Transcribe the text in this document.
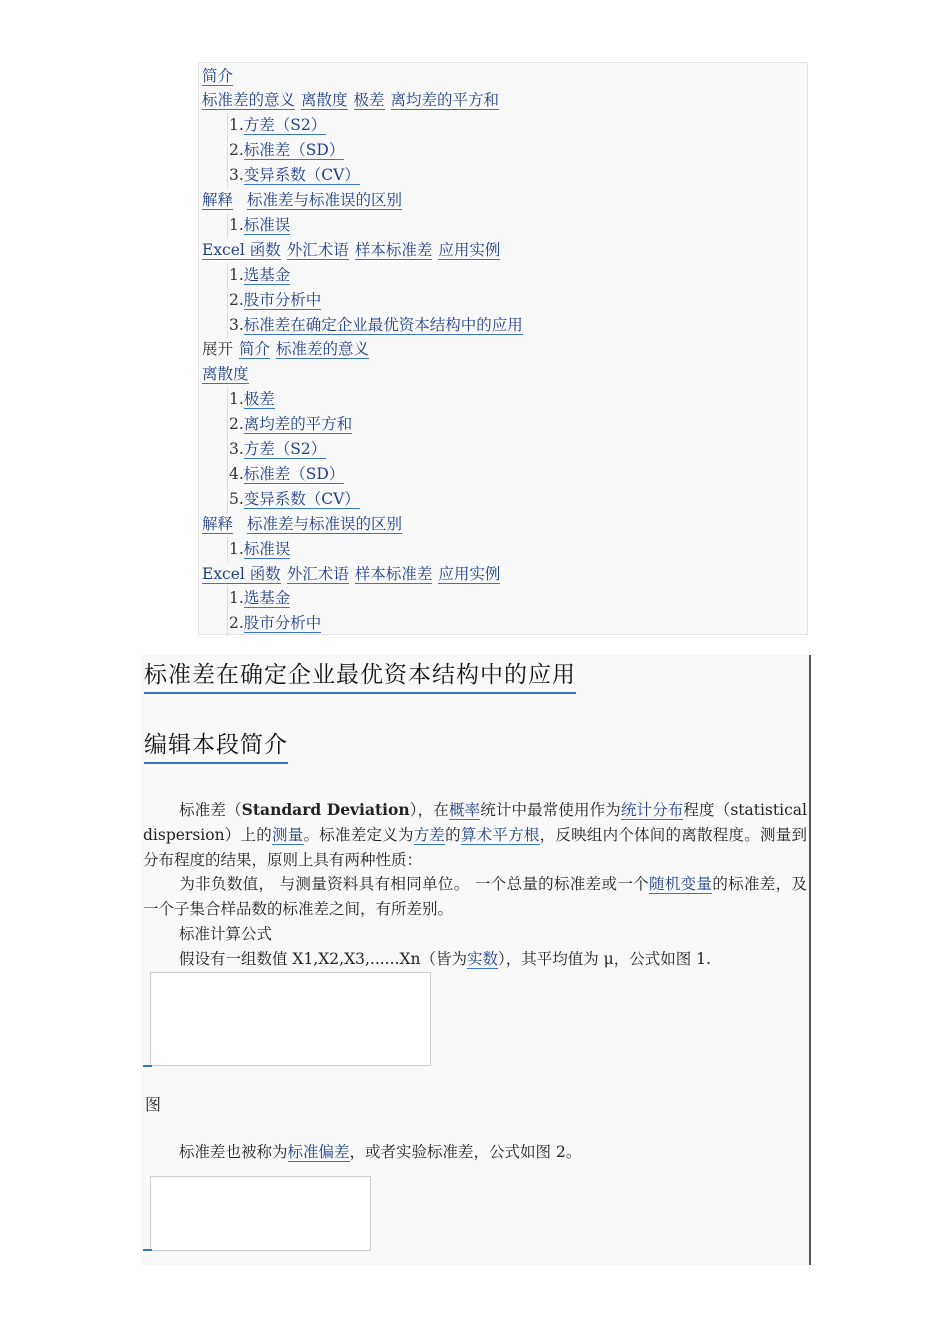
简介
标准差的意义 离散度 极差 离均差的平方和
1.方差（S2）
2.标准差（SD）
3.变异系数（CV）
解释 标准差与标准误的区别
1.标准误
Excel 函数 外汇术语 样本标准差 应用实例
1.选基金
2.股市分析中
3.标准差在确定企业最优资本结构中的应用
展开 简介 标准差的意义
离散度
1.极差
2.离均差的平方和
3.方差（S2）
4.标准差（SD）
5.变异系数（CV）
解释 标准差与标准误的区别
1.标准误
Excel 函数 外汇术语 样本标准差 应用实例
1.选基金
2.股市分析中
标准差在确定企业最优资本结构中的应用
编辑本段简介
标准差（Standard Deviation），在概率统计中最常使用作为统计分布程度（statistical dispersion）上的测量。标准差定义为方差的算术平方根，反映组内个体间的离散程度。测量到分布程度的结果，原则上具有两种性质：
为非负数值， 与测量资料具有相同单位。 一个总量的标准差或一个随机变量的标准差，及一个子集合样品数的标准差之间，有所差别。
标准计算公式
假设有一组数值 X1,X2,X3,......Xn（皆为实数），其平均值为 μ，公式如图 1.
图
标准差也被称为标准偏差，或者实验标准差，公式如图 2。
